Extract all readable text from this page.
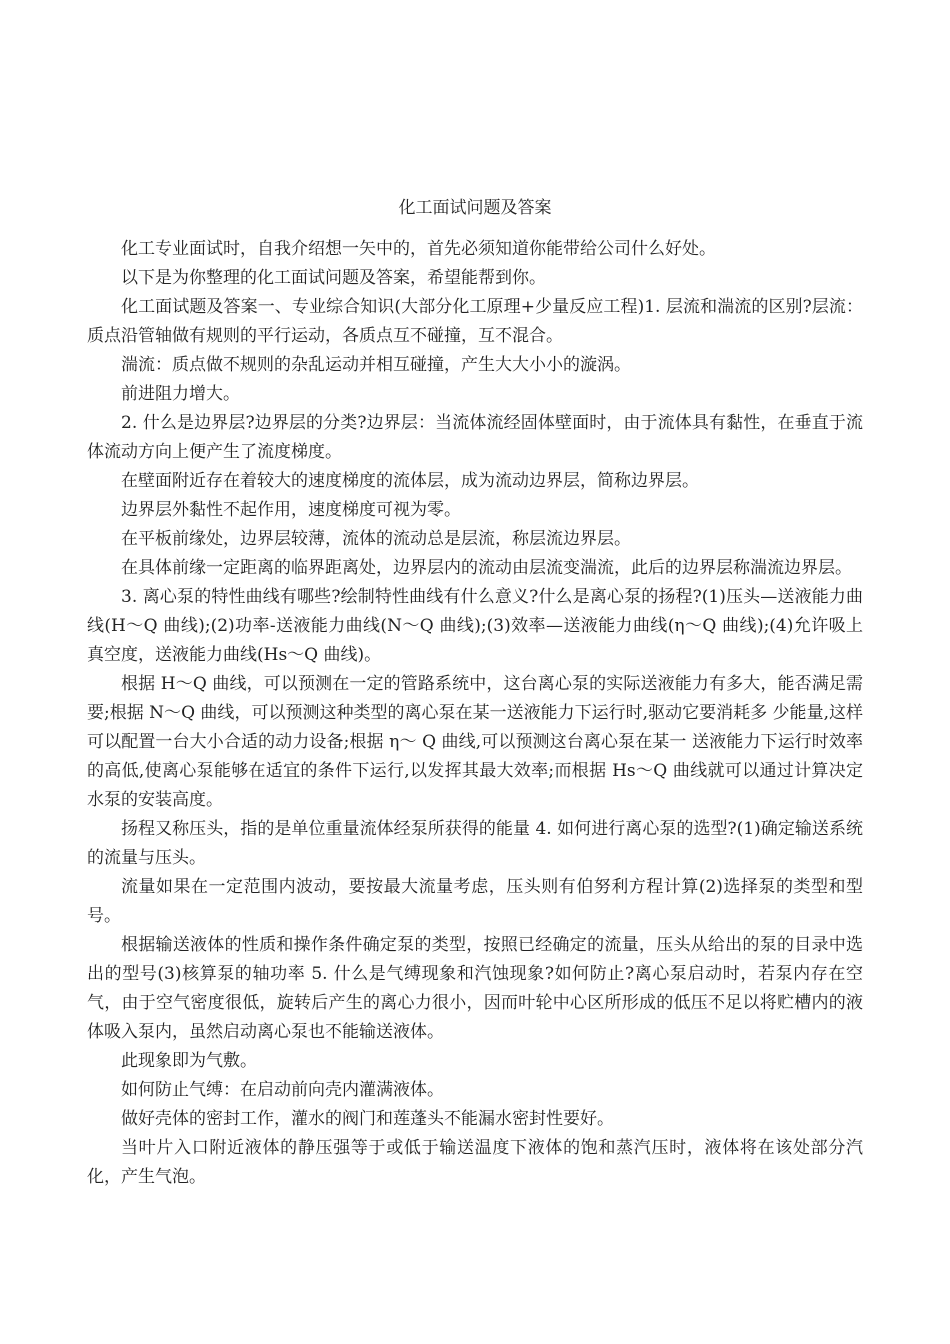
化工面试问题及答案

化工专业面试时，自我介绍想一矢中的，首先必须知道你能带给公司什么好处。

以下是为你整理的化工面试问题及答案，希望能帮到你。

化工面试题及答案一、专业综合知识(大部分化工原理+少量反应工程)1. 层流和湍流的区别?层流：质点沿管轴做有规则的平行运动，各质点互不碰撞，互不混合。

湍流：质点做不规则的杂乱运动并相互碰撞，产生大大小小的漩涡。

前进阻力增大。

2. 什么是边界层?边界层的分类?边界层：当流体流经固体壁面时，由于流体具有黏性，在垂直于流体流动方向上便产生了流度梯度。

在壁面附近存在着较大的速度梯度的流体层，成为流动边界层，简称边界层。

边界层外黏性不起作用，速度梯度可视为零。

在平板前缘处，边界层较薄，流体的流动总是层流，称层流边界层。

在具体前缘一定距离的临界距离处，边界层内的流动由层流变湍流，此后的边界层称湍流边界层。

3. 离心泵的特性曲线有哪些?绘制特性曲线有什么意义?什么是离心泵的扬程?(1)压头—送液能力曲线(H～Q 曲线);(2)功率-送液能力曲线(N～Q 曲线);(3)效率—送液能力曲线(η～Q 曲线);(4)允许吸上真空度，送液能力曲线(Hs～Q 曲线)。

根据 H～Q 曲线，可以预测在一定的管路系统中，这台离心泵的实际送液能力有多大，能否满足需要;根据 N～Q 曲线，可以预测这种类型的离心泵在某一送液能力下运行时,驱动它要消耗多 少能量,这样可以配置一台大小合适的动力设备;根据 η～ Q 曲线,可以预测这台离心泵在某一 送液能力下运行时效率的高低,使离心泵能够在适宜的条件下运行,以发挥其最大效率;而根据 Hs～Q 曲线就可以通过计算决定水泵的安装高度。

扬程又称压头，指的是单位重量流体经泵所获得的能量 4. 如何进行离心泵的选型?(1)确定输送系统的流量与压头。

流量如果在一定范围内波动，要按最大流量考虑，压头则有伯努利方程计算(2)选择泵的类型和型号。

根据输送液体的性质和操作条件确定泵的类型，按照已经确定的流量，压头从给出的泵的目录中选出的型号(3)核算泵的轴功率 5. 什么是气缚现象和汽蚀现象?如何防止?离心泵启动时，若泵内存在空气，由于空气密度很低，旋转后产生的离心力很小，因而叶轮中心区所形成的低压不足以将贮槽内的液体吸入泵内，虽然启动离心泵也不能输送液体。

此现象即为气敷。

如何防止气缚：在启动前向壳内灌满液体。

做好壳体的密封工作，灌水的阀门和莲蓬头不能漏水密封性要好。

当叶片入口附近液体的静压强等于或低于输送温度下液体的饱和蒸汽压时，液体将在该处部分汽化，产生气泡。
